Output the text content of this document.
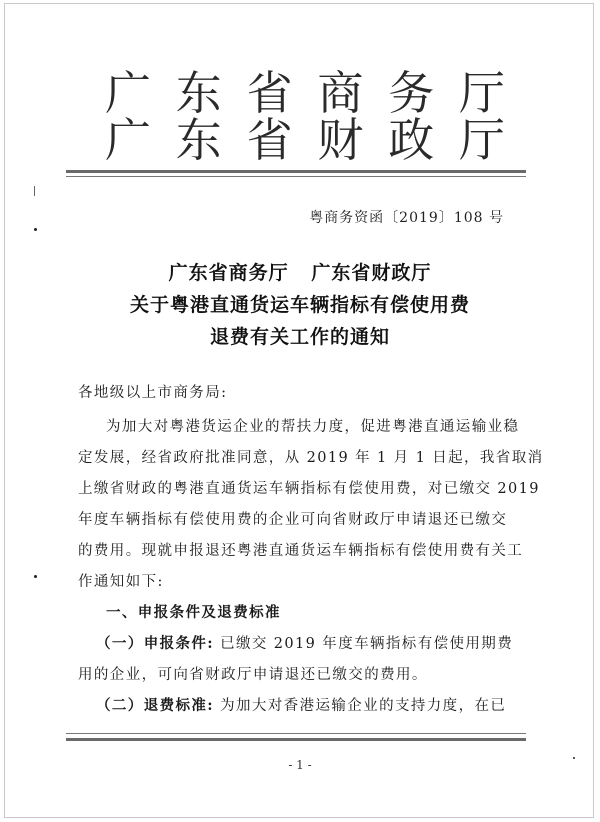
广 东 省 商 务 厅
广 东 省 财 政 厅
粤商务资函〔2019〕108 号
广东省商务厅   广东省财政厅
关于粤港直通货运车辆指标有偿使用费
退费有关工作的通知
各地级以上市商务局:
为加大对粤港货运企业的帮扶力度，促进粤港直通运输业稳
定发展，经省政府批准同意，从 2019 年 1 月 1 日起，我省取消
上缴省财政的粤港直通货运车辆指标有偿使用费，对已缴交 2019
年度车辆指标有偿使用费的企业可向省财政厅申请退还已缴交
的费用。现就申报退还粤港直通货运车辆指标有偿使用费有关工
作通知如下:
一、申报条件及退费标准
（一）申报条件: 已缴交 2019 年度车辆指标有偿使用期费
用的企业，可向省财政厅申请退还已缴交的费用。
（二）退费标准: 为加大对香港运输企业的支持力度，在已
- 1 -
